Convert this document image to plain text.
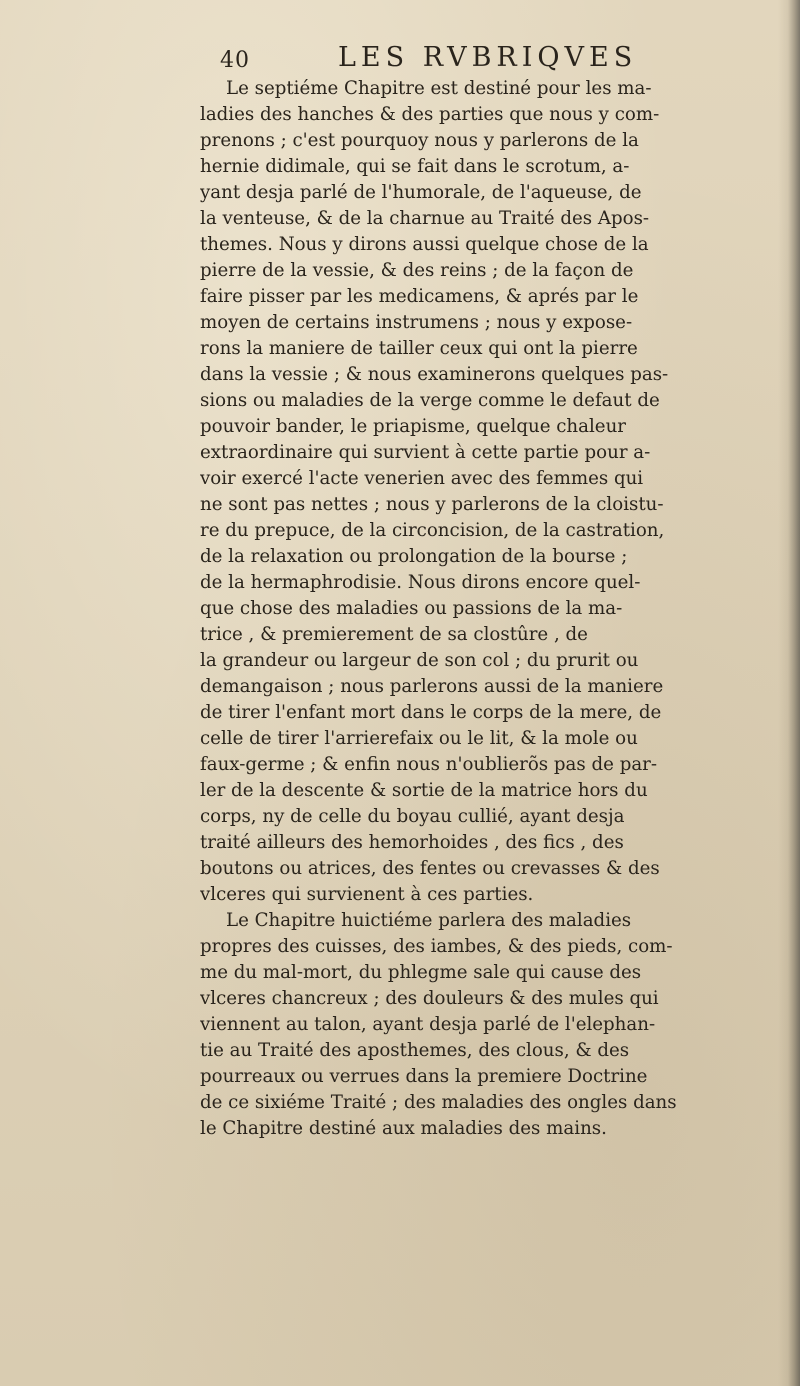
40	LES RVBRIQVES
Le septiéme Chapitre est destiné pour les ma-
ladies des hanches & des parties que nous y com-
prenons ; c'est pourquoy nous y parlerons de la
hernie didimale, qui se fait dans le scrotum, a-
yant desja parlé de l'humorale, de l'aqueuse, de
la venteuse, & de la charnue au Traité des Apos-
themes. Nous y dirons aussi quelque chose de la
pierre de la vessie, & des reins ; de la façon de
faire pisser par les medicamens, & aprés par le
moyen de certains instrumens ; nous y expose-
rons la maniere de tailler ceux qui ont la pierre
dans la vessie ; & nous examinerons quelques pas-
sions ou maladies de la verge comme le defaut de
pouvoir bander, le priapisme, quelque chaleur
extraordinaire qui survient à cette partie pour a-
voir exercé l'acte venerien avec des femmes qui
ne sont pas nettes ; nous y parlerons de la cloistu-
re du prepuce, de la circoncision, de la castration,
de la relaxation ou prolongation de la bourse ;
de la hermaphrodisie. Nous dirons encore quel-
que chose des maladies ou passions de la ma-
trice , & premierement de sa clostûre , de
la grandeur ou largeur de son col ; du prurit ou
demangaison ; nous parlerons aussi de la maniere
de tirer l'enfant mort dans le corps de la mere, de
celle de tirer l'arrierefaix ou le lit, & la mole ou
faux-germe ; & enfin nous n'oublierõs pas de par-
ler de la descente & sortie de la matrice hors du
corps, ny de celle du boyau cullié, ayant desja
traité ailleurs des hemorhoides , des fics , des
boutons ou atrices, des fentes ou crevasses & des
vlceres qui survienent à ces parties.
Le Chapitre huictiéme parlera des maladies
propres des cuisses, des iambes, & des pieds, com-
me du mal-mort, du phlegme sale qui cause des
vlceres chancreux ; des douleurs & des mules qui
viennent au talon, ayant desja parlé de l'elephan-
tie au Traité des aposthemes, des clous, & des
pourreaux ou verrues dans la premiere Doctrine
de ce sixiéme Traité ; des maladies des ongles dans
le Chapitre destiné aux maladies des mains.
